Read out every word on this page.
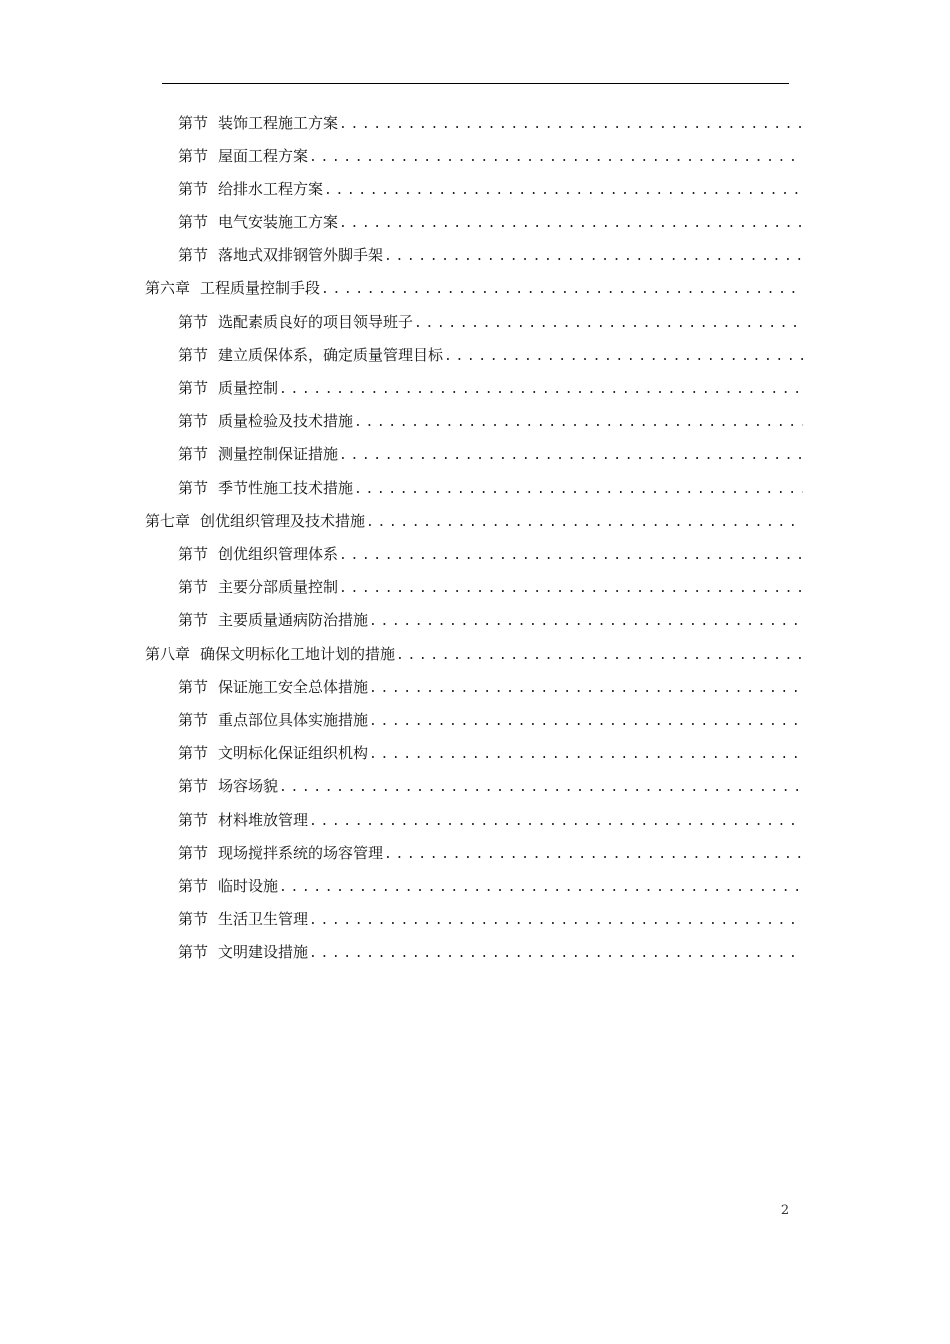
第节 装饰工程施工方案
.....
第节 屋面工程方案
.....
第节 给排水工程方案
.....
第节 电气安装施工方案
.....
第节 落地式双排钢管外脚手架
.....
第六章 工程质量控制手段
.....
第节 选配素质良好的项目领导班子
.....
第节 建立质保体系，确定质量管理目标
.....
第节 质量控制
.....
第节 质量检验及技术措施
.....
第节 测量控制保证措施
.....
第节 季节性施工技术措施
.....
第七章 创优组织管理及技术措施
.....
第节 创优组织管理体系
.....
第节 主要分部质量控制
.....
第节 主要质量通病防治措施
.....
第八章 确保文明标化工地计划的措施
.....
第节 保证施工安全总体措施
.....
第节 重点部位具体实施措施
.....
第节 文明标化保证组织机构
.....
第节 场容场貌
.....
第节 材料堆放管理
.....
第节 现场搅拌系统的场容管理
.....
第节 临时设施
.....
第节 生活卫生管理
.....
第节 文明建设措施
.....
2
